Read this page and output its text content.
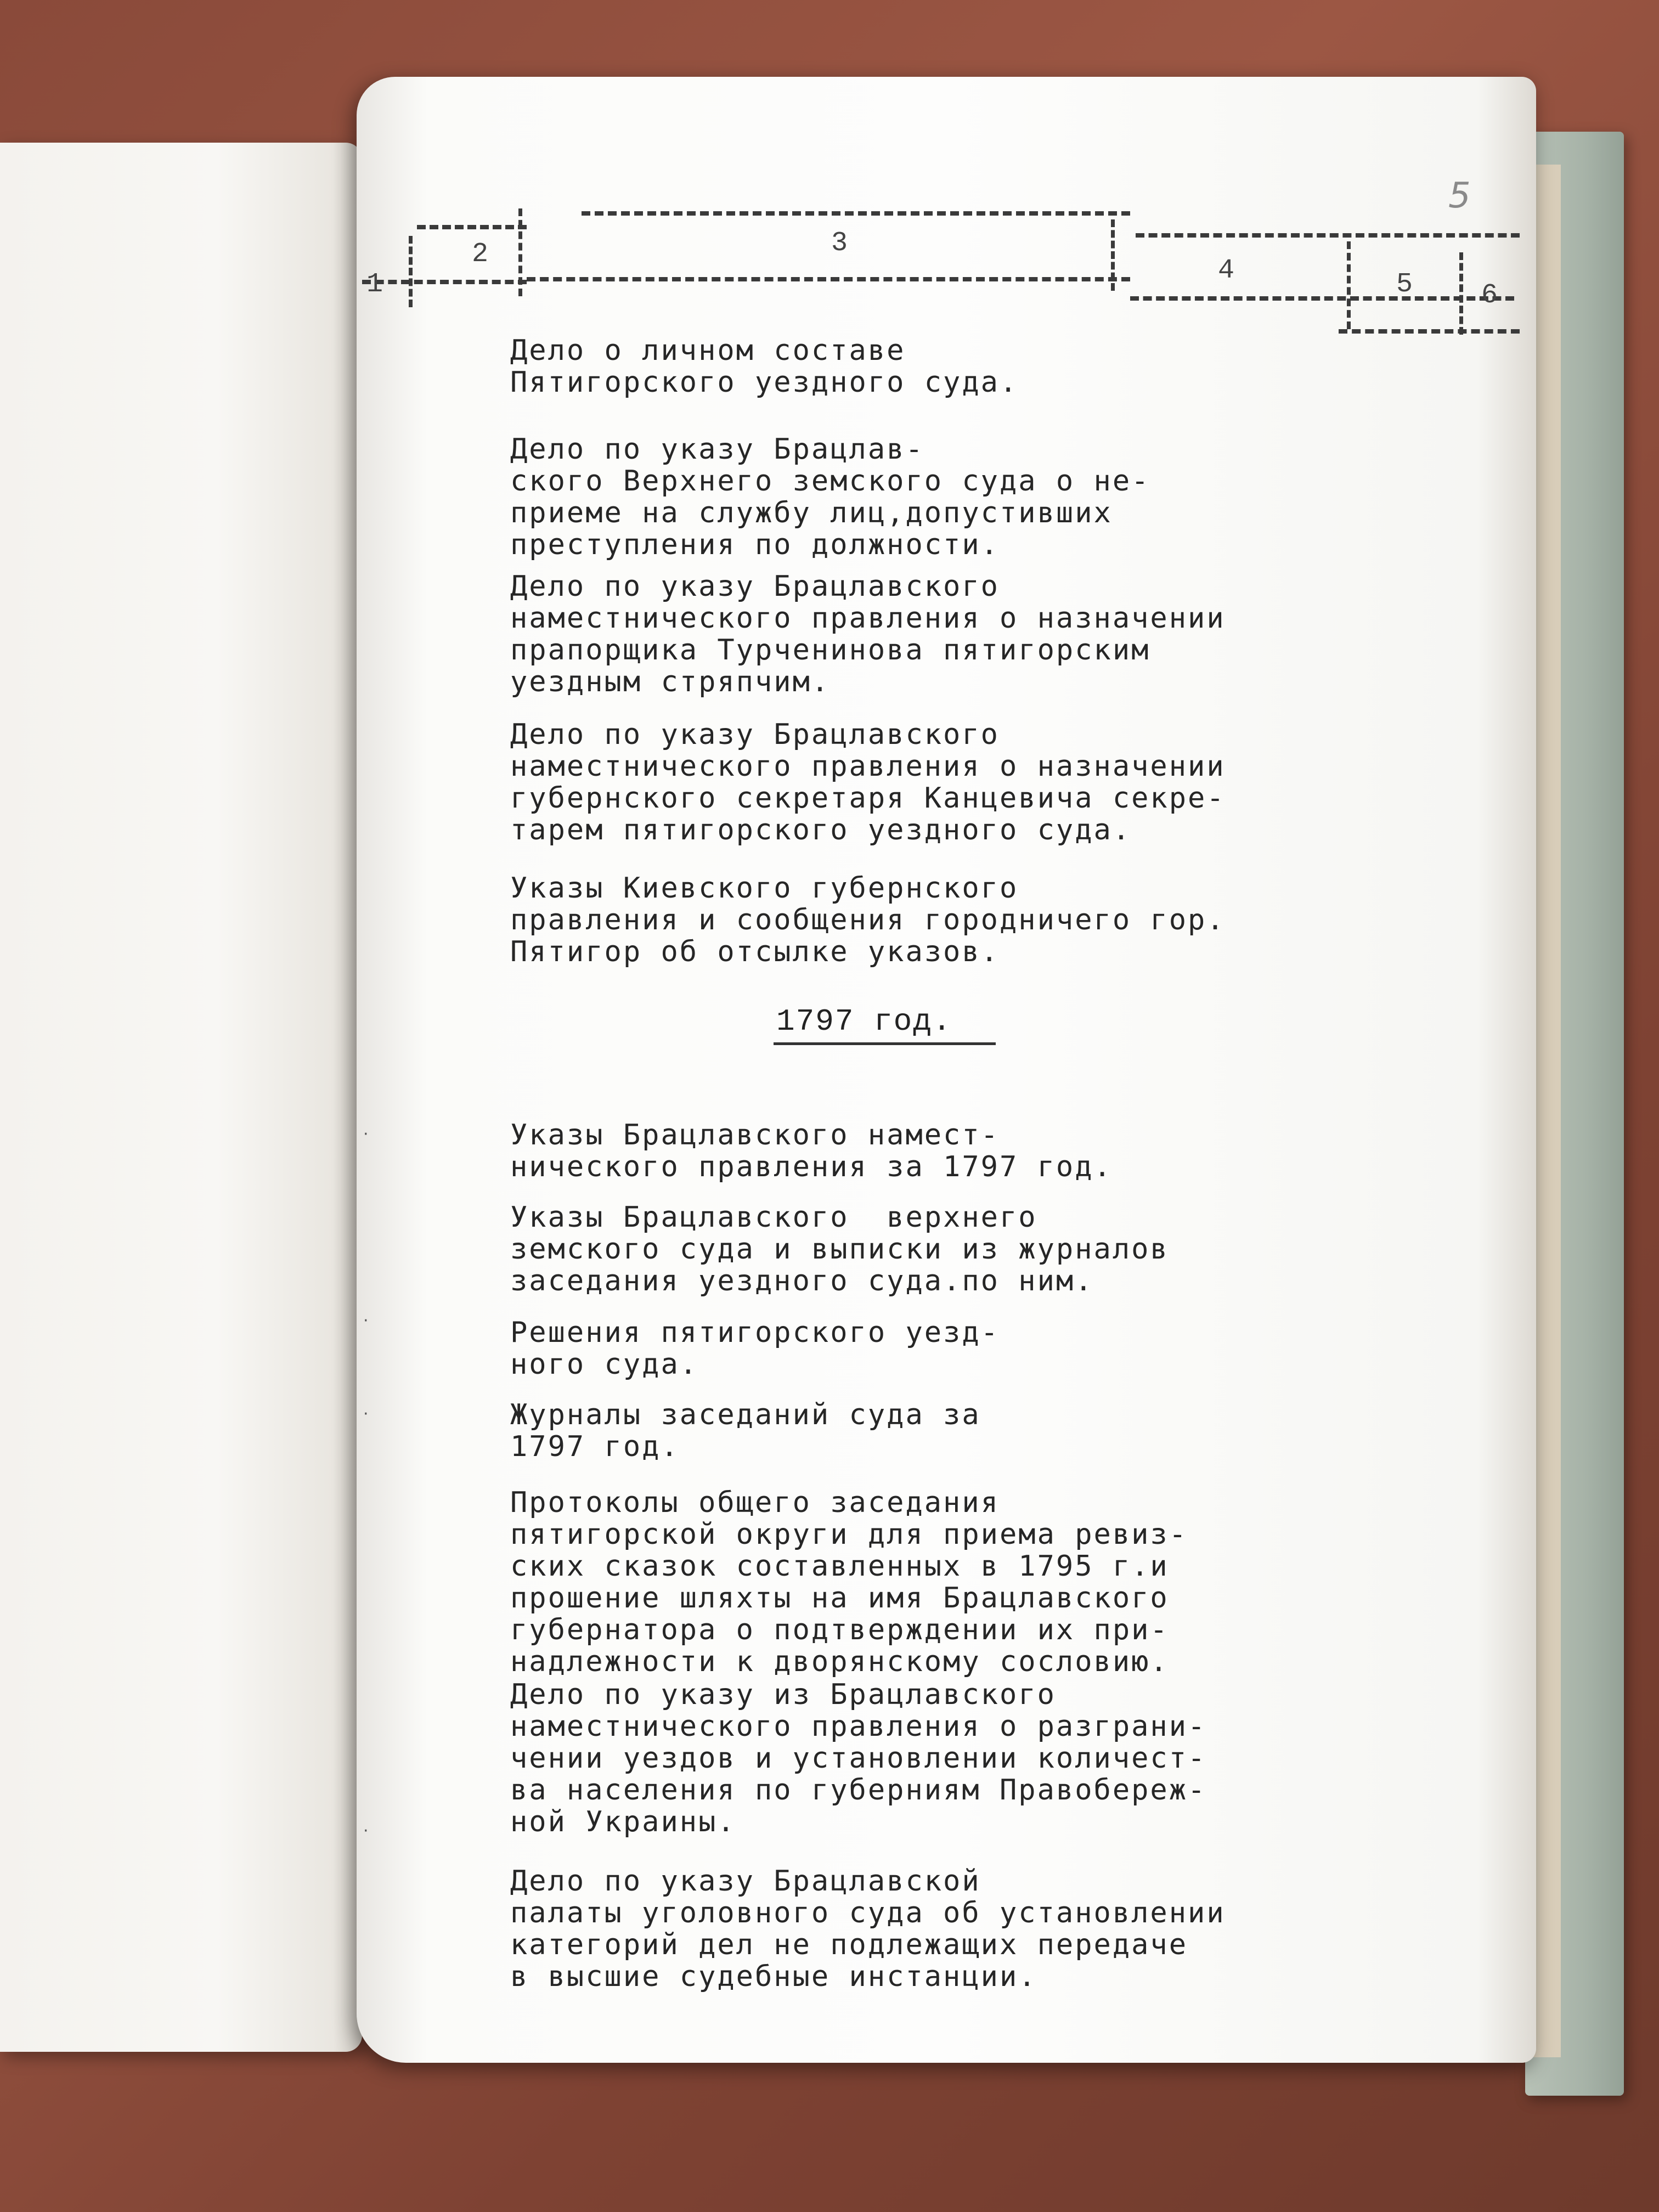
·
·
·
·
5
1
2	3
4	5 6
Дело о личном составе
Пятигорского уездного суда.
Дело по указу Брацлав-
ского Верхнего земского суда о не-
приеме на службу лиц,допустивших
преступления по должности.
Дело по указу Брацлавского
наместнического правления о назначении
прапорщика Турченинова пятигорским
уездным стряпчим.
Дело по указу Брацлавского
наместнического правления о назначении
губернского секретаря Канцевича секре-
тарем пятигорского уездного суда.
Указы Киевского губернского
правления и сообщения городничего гор.
Пятигор об отсылке указов.
1797 год.
Указы Брацлавского намест-
нического правления за 1797 год.
Указы Брацлавского  верхнего
земского суда и выписки из журналов
заседания уездного суда.по ним.
Решения пятигорского уезд-
ного суда.
Журналы заседаний суда за
1797 год.
Протоколы общего заседания
пятигорской округи для приема ревиз-
ских сказок составленных в 1795 г.и
прошение шляхты на имя Брацлавского
губернатора о подтверждении их при-
надлежности к дворянскому сословию.
Дело по указу из Брацлавского
наместнического правления о разграни-
чении уездов и установлении количест-
ва населения по губерниям Правобереж-
ной Украины.
Дело по указу Брацлавской
палаты уголовного суда об установлении
категорий дел не подлежащих передаче
в высшие судебные инстанции.
